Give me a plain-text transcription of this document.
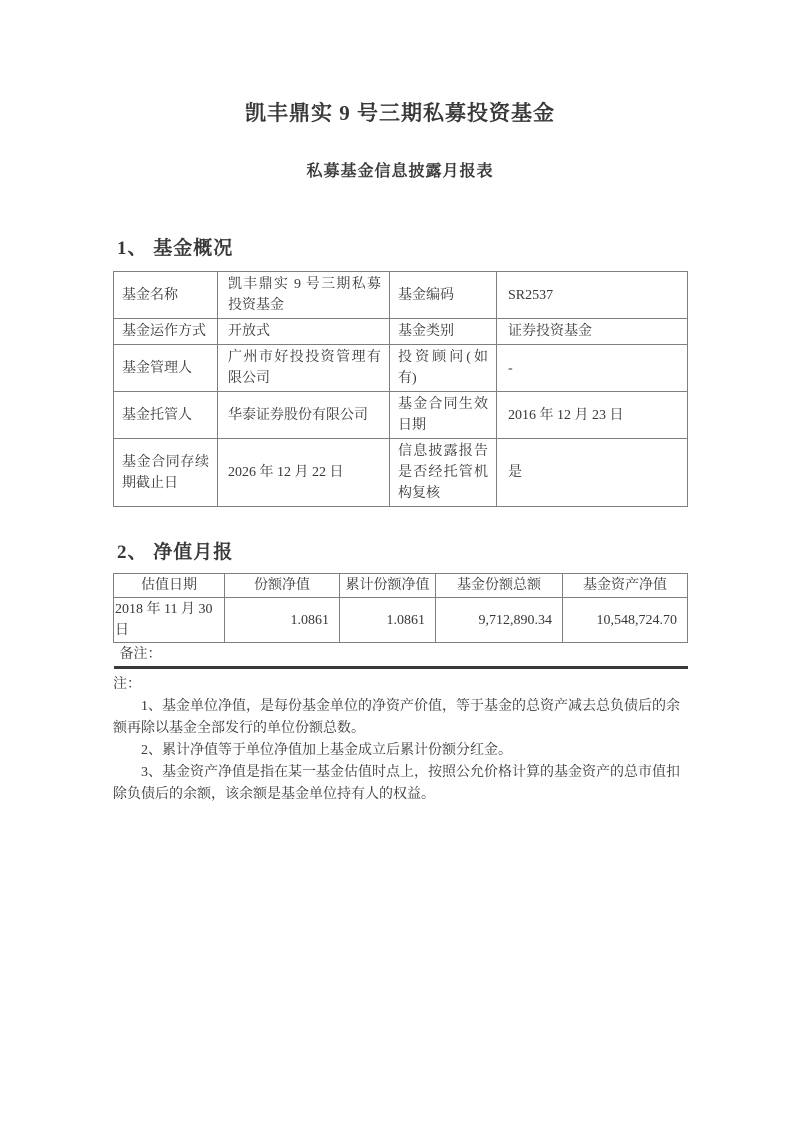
凯丰鼎实 9 号三期私募投资基金
私募基金信息披露月报表
1、 基金概况
基金名称	凯丰鼎实 9 号三期私募投资基金	基金编码	SR2537
基金运作方式	开放式	基金类别	证券投资基金
基金管理人	广州市好投投资管理有限公司	投资顾问(如有)	-
基金托管人	华泰证券股份有限公司	基金合同生效日期	2016 年 12 月 23 日
基金合同存续期截止日	2026 年 12 月 22 日	信息披露报告是否经托管机构复核	是
2、 净值月报
估值日期	份额净值	累计份额净值	基金份额总额	基金资产净值
2018 年 11 月 30 日	1.0861	1.0861	9,712,890.34	10,548,724.70
备注：				

注：

1、基金单位净值，是每份基金单位的净资产价值，等于基金的总资产减去总负债后的余额再除以基金全部发行的单位份额总数。

2、累计净值等于单位净值加上基金成立后累计份额分红金。

3、基金资产净值是指在某一基金估值时点上，按照公允价格计算的基金资产的总市值扣除负债后的余额，该余额是基金单位持有人的权益。
